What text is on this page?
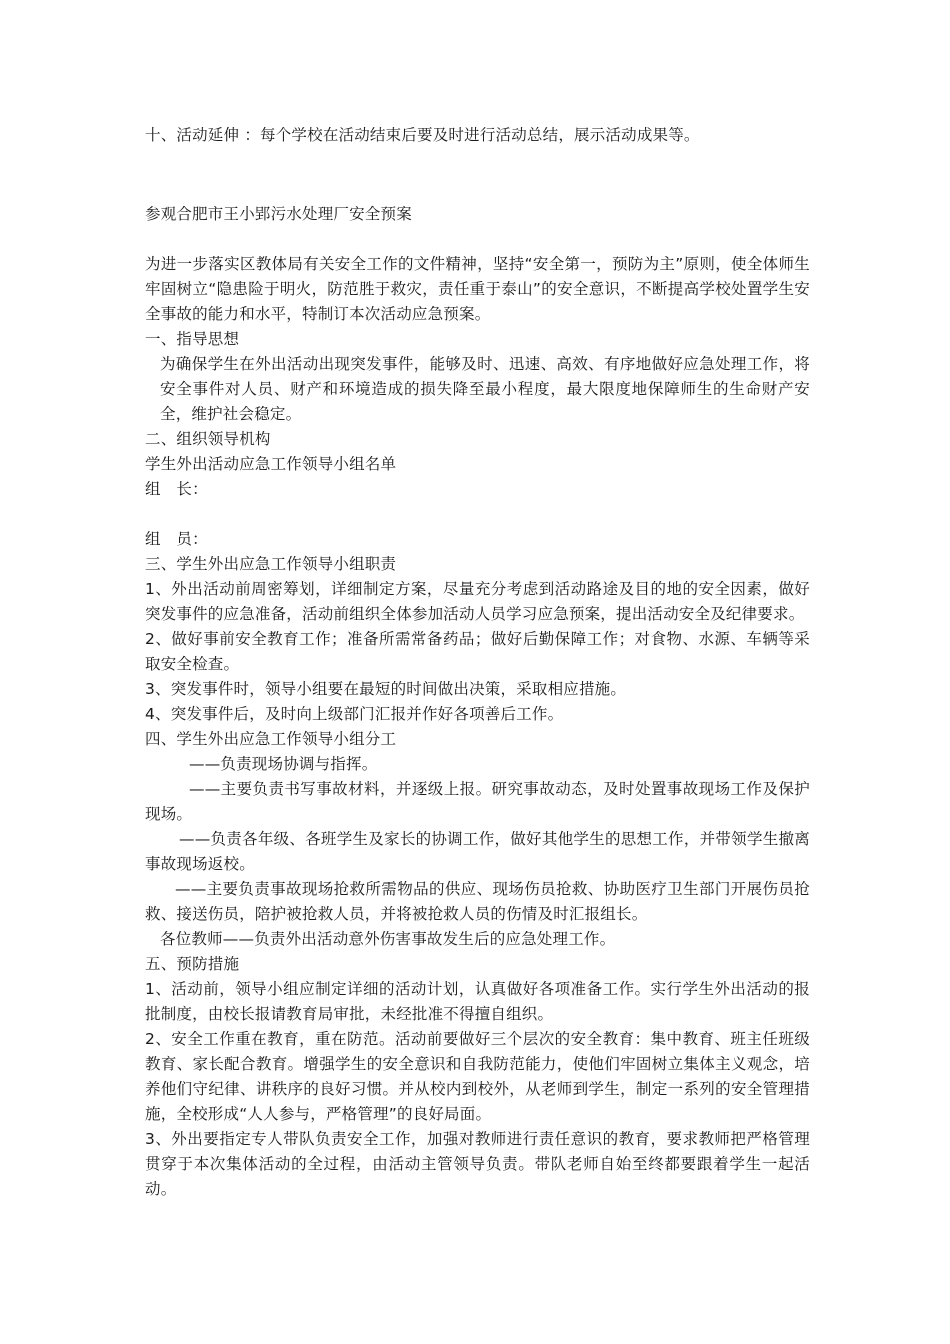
十、活动延伸 ：每个学校在活动结束后要及时进行活动总结，展示活动成果等。
参观合肥市王小郢污水处理厂安全预案
为进一步落实区教体局有关安全工作的文件精神，坚持“安全第一，预防为主”原则，使全体师生牢固树立“隐患险于明火，防范胜于救灾，责任重于泰山”的安全意识，不断提高学校处置学生安全事故的能力和水平，特制订本次活动应急预案。
一、指导思想
为确保学生在外出活动出现突发事件，能够及时、迅速、高效、有序地做好应急处理工作，将安全事件对人员、财产和环境造成的损失降至最小程度，最大限度地保障师生的生命财产安全，维护社会稳定。
二、组织领导机构
学生外出活动应急工作领导小组名单
组　长：
组　员：
三、学生外出应急工作领导小组职责
1、外出活动前周密筹划，详细制定方案，尽量充分考虑到活动路途及目的地的安全因素，做好突发事件的应急准备，活动前组织全体参加活动人员学习应急预案，提出活动安全及纪律要求。
2、做好事前安全教育工作；准备所需常备药品；做好后勤保障工作；对食物、水源、车辆等采取安全检查。
3、突发事件时，领导小组要在最短的时间做出决策，采取相应措施。
4、突发事件后，及时向上级部门汇报并作好各项善后工作。
四、学生外出应急工作领导小组分工
——负责现场协调与指挥。
——主要负责书写事故材料，并逐级上报。研究事故动态，及时处置事故现场工作及保护现场。
——负责各年级、各班学生及家长的协调工作，做好其他学生的思想工作，并带领学生撤离事故现场返校。
——主要负责事故现场抢救所需物品的供应、现场伤员抢救、协助医疗卫生部门开展伤员抢救、接送伤员，陪护被抢救人员，并将被抢救人员的伤情及时汇报组长。
各位教师——负责外出活动意外伤害事故发生后的应急处理工作。
五、预防措施
1、活动前，领导小组应制定详细的活动计划，认真做好各项准备工作。实行学生外出活动的报批制度，由校长报请教育局审批，未经批准不得擅自组织。
2、安全工作重在教育，重在防范。活动前要做好三个层次的安全教育：集中教育、班主任班级教育、家长配合教育。增强学生的安全意识和自我防范能力，使他们牢固树立集体主义观念，培养他们守纪律、讲秩序的良好习惯。并从校内到校外，从老师到学生，制定一系列的安全管理措施，全校形成“人人参与，严格管理”的良好局面。
3、外出要指定专人带队负责安全工作，加强对教师进行责任意识的教育，要求教师把严格管理贯穿于本次集体活动的全过程，由活动主管领导负责。带队老师自始至终都要跟着学生一起活动。
